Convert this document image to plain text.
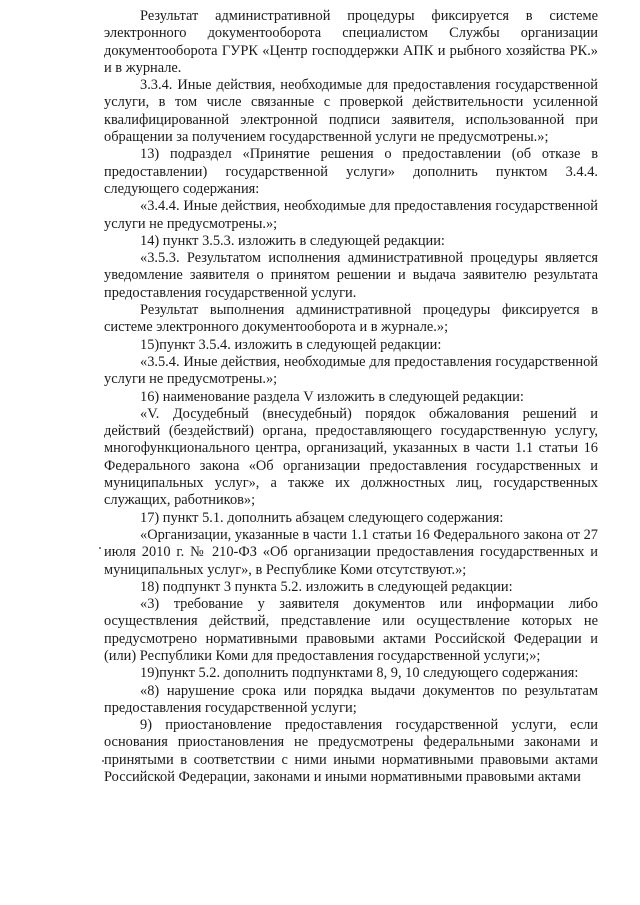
Результат административной процедуры фиксируется в системе электронного документооборота специалистом Службы организации документооборота ГУРК «Центр господдержки АПК и рыбного хозяйства РК.» и в журнале.

3.3.4. Иные действия, необходимые для предоставления государственной услуги, в том числе связанные с проверкой действительности усиленной квалифицированной электронной подписи заявителя, использованной при обращении за получением государственной услуги не предусмотрены.»;

13) подраздел «Принятие решения о предоставлении (об отказе в предоставлении) государственной услуги» дополнить пунктом 3.4.4. следующего содержания:

«3.4.4. Иные действия, необходимые для предоставления государственной услуги не предусмотрены.»;

14) пункт 3.5.3. изложить в следующей редакции:

«3.5.3. Результатом исполнения административной процедуры является уведомление заявителя о принятом решении и выдача заявителю результата предоставления государственной услуги.

Результат выполнения административной процедуры фиксируется в системе электронного документооборота и в журнале.»;

15)пункт 3.5.4. изложить в следующей редакции:

«3.5.4. Иные действия, необходимые для предоставления государственной услуги не предусмотрены.»;

16) наименование раздела V изложить в следующей редакции:

«V. Досудебный (внесудебный) порядок обжалования решений и действий (бездействий) органа, предоставляющего государственную услугу, многофункционального центра, организаций, указанных в части 1.1 статьи 16 Федерального закона «Об организации предоставления государственных и муниципальных услуг», а также их должностных лиц, государственных служащих, работников»;

17) пункт 5.1. дополнить абзацем следующего содержания:

«Организации, указанные в части 1.1 статьи 16 Федерального закона от 27 июля 2010 г. № 210-ФЗ «Об организации предоставления государственных и муниципальных услуг», в Республике Коми отсутствуют.»;

18) подпункт 3 пункта 5.2. изложить в следующей редакции:

«3) требование у заявителя документов или информации либо осуществления действий, представление или осуществление которых не предусмотрено нормативными правовыми актами Российской Федерации и (или) Республики Коми для предоставления государственной услуги;»;

19)пункт 5.2. дополнить подпунктами 8, 9, 10 следующего содержания:

«8) нарушение срока или порядка выдачи документов по результатам предоставления государственной услуги;

9) приостановление предоставления государственной услуги, если основания приостановления не предусмотрены федеральными законами и принятыми в соответствии с ними иными нормативными правовыми актами Российской Федерации, законами и иными нормативными правовыми актами
